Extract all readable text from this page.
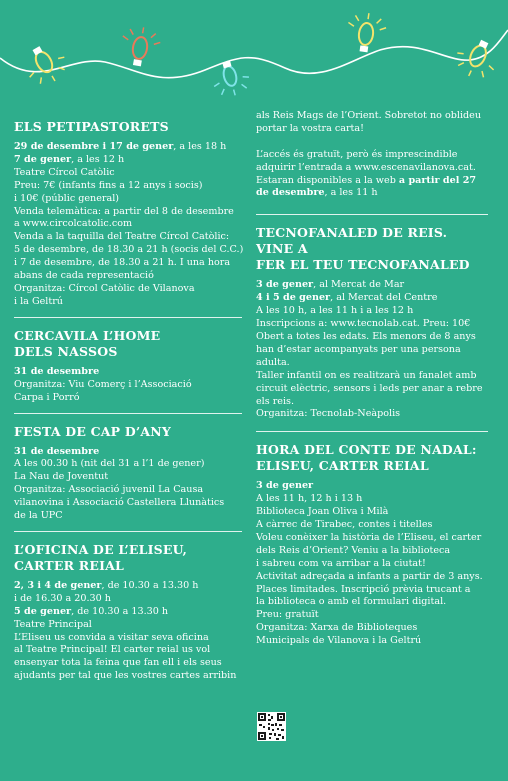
ELS PETIPASTORETS
29 de desembre i 17 de gener, a les 18 h
7 de gener, a les 12 h
Teatre Círcol Catòlic
Preu: 7€ (infants fins a 12 anys i socis)
i 10€ (públic general)
Venda telemàtica: a partir del 8 de desembre
a www.circolcatolic.com
Venda a la taquilla del Teatre Círcol Catòlic:
5 de desembre, de 18.30 a 21 h (socis del C.C.)
i 7 de desembre, de 18.30 a 21 h. I una hora
abans de cada representació
Organitza: Círcol Catòlic de Vilanova
i la Geltrú
CERCAVILA L’HOME
DELS NASSOS
31 de desembre
Organitza: Viu Comerç i l’Associació
Carpa i Porró
FESTA DE CAP D’ANY
31 de desembre
A les 00.30 h (nit del 31 a l’1 de gener)
La Nau de Joventut
Organitza: Associació juvenil La Causa
vilanovina i Associació Castellera Llunàtics
de la UPC
L’OFICINA DE L’ELISEU,
CARTER REIAL
2, 3 i 4 de gener, de 10.30 a 13.30 h
i de 16.30 a 20.30 h
5 de gener, de 10.30 a 13.30 h
Teatre Principal
L’Eliseu us convida a visitar seva oficina
al Teatre Principal! El carter reial us vol
ensenyar tota la feina que fan ell i els seus
ajudants per tal que les vostres cartes arribin
als Reis Mags de l’Orient. Sobretot no oblideu
portar la vostra carta!

L’accés és gratuït, però és imprescindible
adquirir l’entrada a www.escenavilanova.cat.
Estaran disponibles a la web a partir del 27
de desembre, a les 11 h
TECNOFANALED DE REIS. VINE A
FER EL TEU TECNOFANALED
3 de gener, al Mercat de Mar
4 i 5 de gener, al Mercat del Centre
A les 10 h, a les 11 h i a les 12 h
Inscripcions a: www.tecnolab.cat. Preu: 10€
Obert a totes les edats. Els menors de 8 anys
han d’estar acompanyats per una persona
adulta.
Taller infantil on es realitzarà un fanalet amb
circuit elèctric, sensors i leds per anar a rebre
els reis.
Organitza: Tecnolab-Neàpolis
HORA DEL CONTE DE NADAL:
ELISEU, CARTER REIAL
3 de gener
A les 11 h, 12 h i 13 h
Biblioteca Joan Oliva i Milà
A càrrec de Tirabec, contes i titelles
Voleu conèixer la història de l’Eliseu, el carter
dels Reis d’Orient? Veniu a la biblioteca
i sabreu com va arribar a la ciutat!
Activitat adreçada a infants a partir de 3 anys.
Places limitades. Inscripció prèvia trucant a
la biblioteca o amb el formulari digital.
Preu: gratuït
Organitza: Xarxa de Biblioteques
Municipals de Vilanova i la Geltrú
